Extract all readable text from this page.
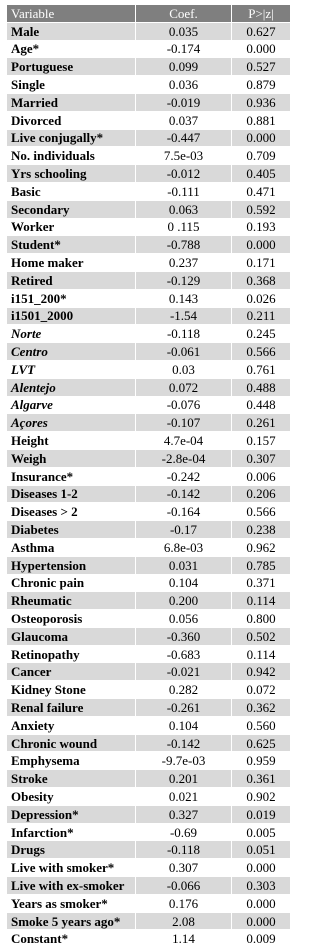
Variable	Coef.	P>|z|
Male	0.035	0.627
Age*	-0.174	0.000
Portuguese	0.099	0.527
Single	0.036	0.879
Married	-0.019	0.936
Divorced	0.037	0.881
Live conjugally*	-0.447	0.000
No. individuals	7.5e-03	0.709
Yrs schooling	-0.012	0.405
Basic	-0.111	0.471
Secondary	0.063	0.592
Worker	0 .115	0.193
Student*	-0.788	0.000
Home maker	0.237	0.171
Retired	-0.129	0.368
i151_200*	0.143	0.026
i1501_2000	-1.54	0.211
Norte	-0.118	0.245
Centro	-0.061	0.566
LVT	0.03	0.761
Alentejo	0.072	0.488
Algarve	-0.076	0.448
Açores	-0.107	0.261
Height	4.7e-04	0.157
Weigh	-2.8e-04	0.307
Insurance*	-0.242	0.006
Diseases 1-2	-0.142	0.206
Diseases > 2	-0.164	0.566
Diabetes	-0.17	0.238
Asthma	6.8e-03	0.962
Hypertension	0.031	0.785
Chronic pain	0.104	0.371
Rheumatic	0.200	0.114
Osteoporosis	0.056	0.800
Glaucoma	-0.360	0.502
Retinopathy	-0.683	0.114
Cancer	-0.021	0.942
Kidney Stone	0.282	0.072
Renal failure	-0.261	0.362
Anxiety	0.104	0.560
Chronic wound	-0.142	0.625
Emphysema	-9.7e-03	0.959
Stroke	0.201	0.361
Obesity	0.021	0.902
Depression*	0.327	0.019
Infarction*	-0.69	0.005
Drugs	-0.118	0.051
Live with smoker*	0.307	0.000
Live with ex-smoker	-0.066	0.303
Years as smoker*	0.176	0.000
Smoke 5 years ago*	2.08	0.000
Constant*	1.14	0.009
